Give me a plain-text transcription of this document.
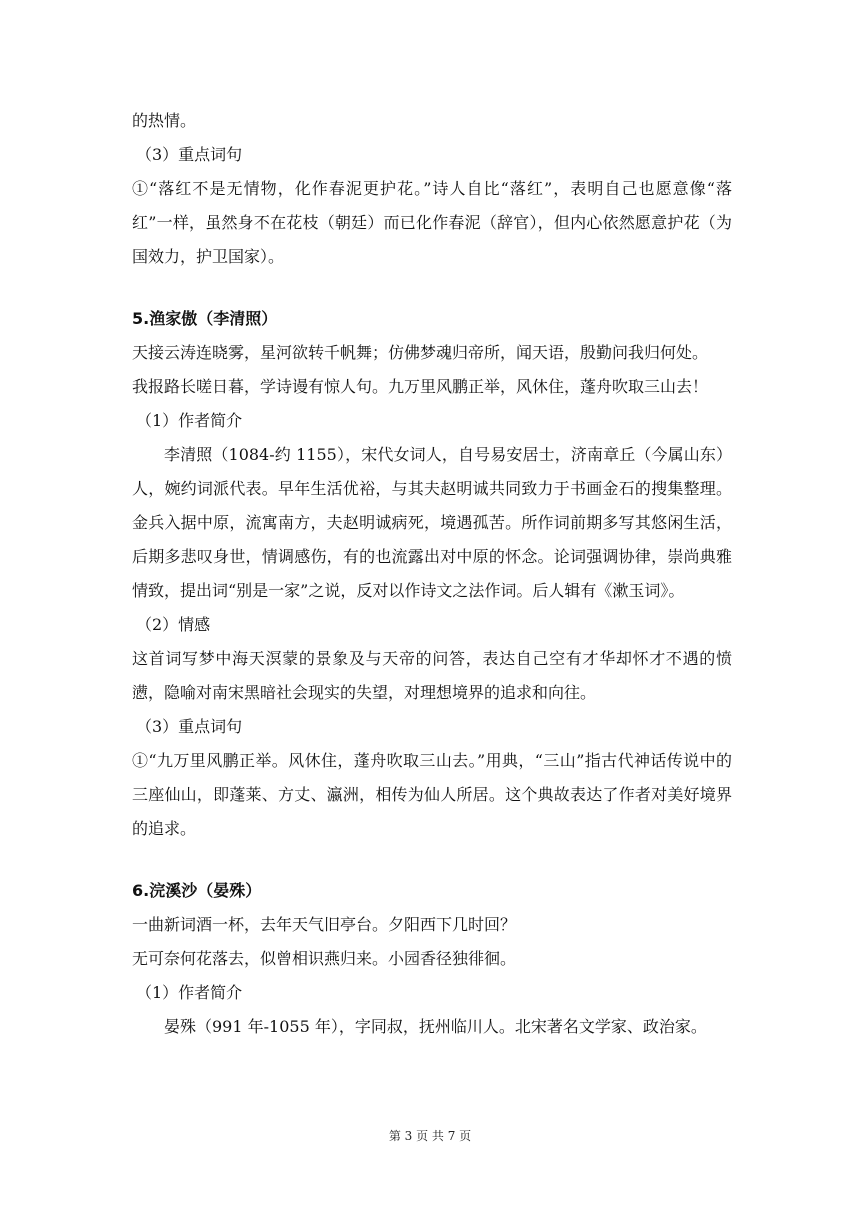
的热情。

（3）重点词句

①“落红不是无情物，化作春泥更护花。”诗人自比“落红”，表明自己也愿意像“落红”一样，虽然身不在花枝（朝廷）而已化作春泥（辞官），但内心依然愿意护花（为国效力，护卫国家）。

5.渔家傲（李清照）

天接云涛连晓雾，星河欲转千帆舞；仿佛梦魂归帝所，闻天语，殷勤问我归何处。

我报路长嗟日暮，学诗谩有惊人句。九万里风鹏正举，风休住，蓬舟吹取三山去！

（1）作者简介

李清照（1084-约 1155），宋代女词人，自号易安居士，济南章丘（今属山东）人，婉约词派代表。早年生活优裕，与其夫赵明诚共同致力于书画金石的搜集整理。金兵入据中原，流寓南方，夫赵明诚病死，境遇孤苦。所作词前期多写其悠闲生活，后期多悲叹身世，情调感伤，有的也流露出对中原的怀念。论词强调协律，崇尚典雅情致，提出词“别是一家”之说，反对以作诗文之法作词。后人辑有《漱玉词》。

（2）情感

这首词写梦中海天溟蒙的景象及与天帝的问答，表达自己空有才华却怀才不遇的愤懑，隐喻对南宋黑暗社会现实的失望，对理想境界的追求和向往。

（3）重点词句

①“九万里风鹏正举。风休住，蓬舟吹取三山去。”用典，“三山”指古代神话传说中的三座仙山，即蓬莱、方丈、瀛洲，相传为仙人所居。这个典故表达了作者对美好境界的追求。

6.浣溪沙（晏殊）

一曲新词酒一杯，去年天气旧亭台。夕阳西下几时回？

无可奈何花落去，似曾相识燕归来。小园香径独徘徊。

（1）作者简介

晏殊（991 年-1055 年），字同叔，抚州临川人。北宋著名文学家、政治家。

第 3 页 共 7 页
